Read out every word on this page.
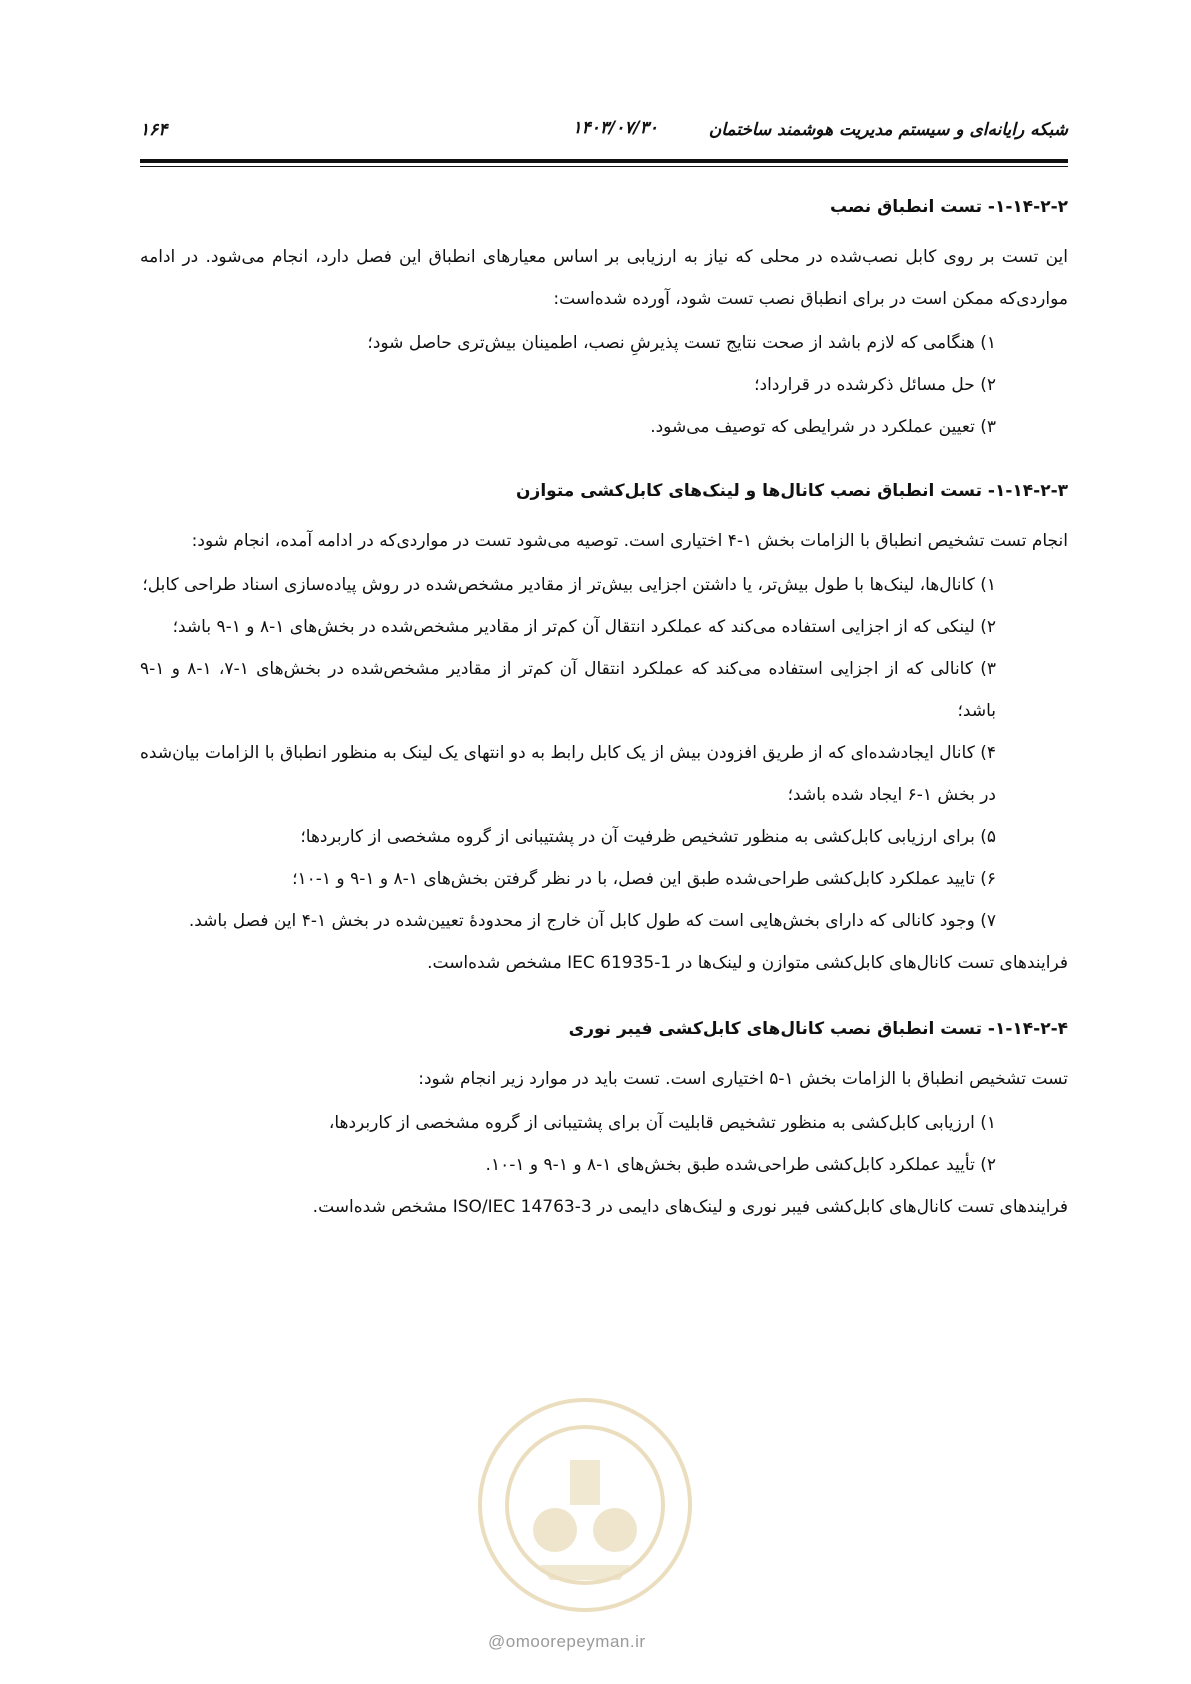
شبکه رایانه‌ای و سیستم مدیریت هوشمند ساختمان
۱۴۰۳/۰۷/۳۰
۱۶۴
۱-۱۴-۲-۲- تست انطباق نصب
این تست بر روی کابل نصب‌شده در محلی که نیاز به ارزیابی بر اساس معیارهای انطباق این فصل دارد، انجام می‌شود. در ادامه مواردی‌که ممکن است در برای انطباق نصب تست شود، آورده شده‌است:
۱) هنگامی که لازم باشد از صحت نتایج تست پذیرشِ نصب، اطمینان بیش‌تری حاصل شود؛
۲) حل مسائل ذکرشده در قرارداد؛
۳) تعیین عملکرد در شرایطی که توصیف می‌شود.
۱-۱۴-۲-۳- تست انطباق نصب کانال‌ها و لینک‌های کابل‌کشی متوازن
انجام تست تشخیص انطباق با الزامات بخش ۱-۴ اختیاری است. توصیه می‌شود تست در مواردی‌که در ادامه آمده، انجام شود:
۱) کانال‌ها، لینک‌ها با طول بیش‌تر، یا داشتن اجزایی بیش‌تر از مقادیر مشخص‌شده در روش پیاده‌سازی اسناد طراحی کابل؛
۲) لینکی که از اجزایی استفاده می‌کند که عملکرد انتقال آن کم‌تر از مقادیر مشخص‌شده در بخش‌های ۱-۸ و ۱-۹ باشد؛
۳) کانالی که از اجزایی استفاده می‌کند که عملکرد انتقال آن کم‌تر از مقادیر مشخص‌شده در بخش‌های ۱-۷، ۱-۸ و ۱-۹ باشد؛
۴) کانال ایجادشده‌ای که از طریق افزودن بیش از یک کابل رابط به دو انتهای یک لینک به منظور انطباق با الزامات بیان‌شده در بخش ۱-۶ ایجاد شده باشد؛
۵) برای ارزیابی کابل‌کشی به منظور تشخیص ظرفیت آن در پشتیبانی از گروه مشخصی از کاربردها؛
۶) تایید عملکرد کابل‌کشی طراحی‌شده طبق این فصل، با در نظر گرفتن بخش‌های ۱-۸ و ۱-۹ و ۱-۱۰؛
۷) وجود کانالی که دارای بخش‌هایی است که طول کابل آن خارج از محدودهٔ تعیین‌شده در بخش ۱-۴ این فصل باشد.
فرایندهای تست کانال‌های کابل‌کشی متوازن و لینک‌ها در IEC 61935-1 مشخص شده‌است.
۱-۱۴-۲-۴- تست انطباق نصب کانال‌های کابل‌کشی فیبر نوری
تست تشخیص انطباق با الزامات بخش ۱-۵ اختیاری است. تست باید در موارد زیر انجام شود:
۱) ارزیابی کابل‌کشی به منظور تشخیص قابلیت آن برای پشتیبانی از گروه مشخصی از کاربردها،
۲) تأیید عملکرد کابل‌کشی طراحی‌شده طبق بخش‌های ۱-۸ و ۱-۹ و ۱-۱۰.
فرایندهای تست کانال‌های کابل‌کشی فیبر نوری و لینک‌های دایمی در ISO/IEC 14763-3 مشخص شده‌است.
@omoorepeyman.ir
